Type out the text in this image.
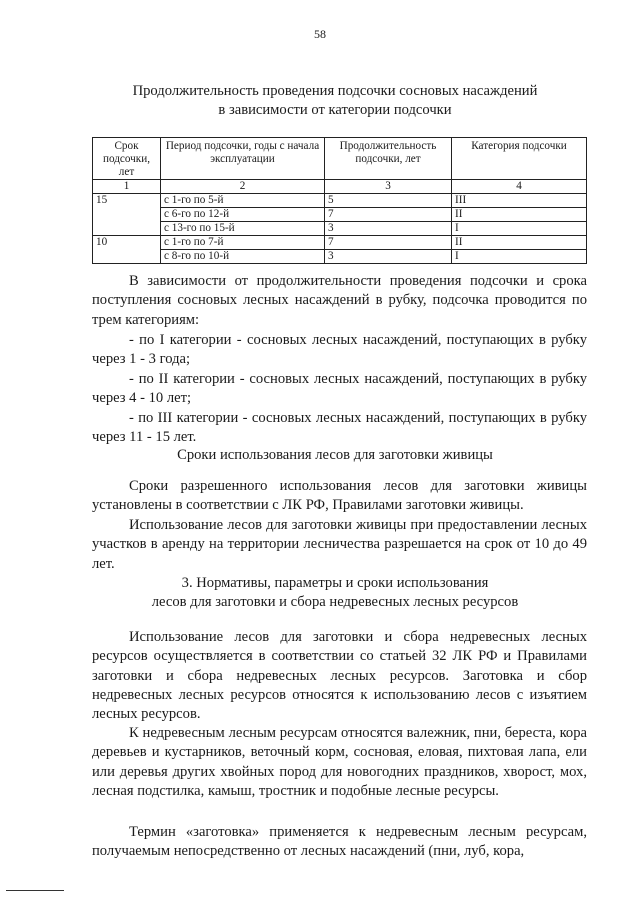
58
Продолжительность проведения подсочки сосновых насаждений
в зависимости от категории подсочки
Срок подсочки, лет	Период подсочки, годы с начала эксплуатации	Продолжительность подсочки, лет	Категория подсочки
1	2	3	4
15	с 1-го по 5-й	5	III
	с 6-го по 12-й	7	II
	с 13-го по 15-й	3	I
10	с 1-го по 7-й	7	II
	с 8-го по 10-й	3	I

В зависимости от продолжительности проведения подсочки и срока поступления сосновых лесных насаждений в рубку, подсочка проводится по трем категориям:

- по I категории - сосновых лесных насаждений, поступающих в рубку через 1 - 3 года;

- по II категории - сосновых лесных насаждений, поступающих в рубку через 4 - 10 лет;

- по III категории - сосновых лесных насаждений, поступающих в рубку через 11 - 15 лет.

Сроки использования лесов для заготовки живицы

Сроки разрешенного использования лесов для заготовки живицы установлены в соответствии с ЛК РФ, Правилами заготовки живицы.

Использование лесов для заготовки живицы при предоставлении лесных участков в аренду на территории лесничества разрешается на срок от 10 до 49 лет.

3. Нормативы, параметры и сроки использования
лесов для заготовки и сбора недревесных лесных ресурсов

Использование лесов для заготовки и сбора недревесных лесных ресурсов осуществляется в соответствии со статьей 32 ЛК РФ и Правилами заготовки и сбора недревесных лесных ресурсов. Заготовка и сбор недревесных лесных ресурсов относятся к использованию лесов с изъятием лесных ресурсов.

К недревесным лесным ресурсам относятся валежник, пни, береста, кора деревьев и кустарников, веточный корм, сосновая, еловая, пихтовая лапа, ели или деревья других хвойных пород для новогодних праздников, хворост, мох, лесная подстилка, камыш, тростник и подобные лесные ресурсы.

Термин «заготовка» применяется к недревесным лесным ресурсам, получаемым непосредственно от лесных насаждений (пни, луб, кора,
